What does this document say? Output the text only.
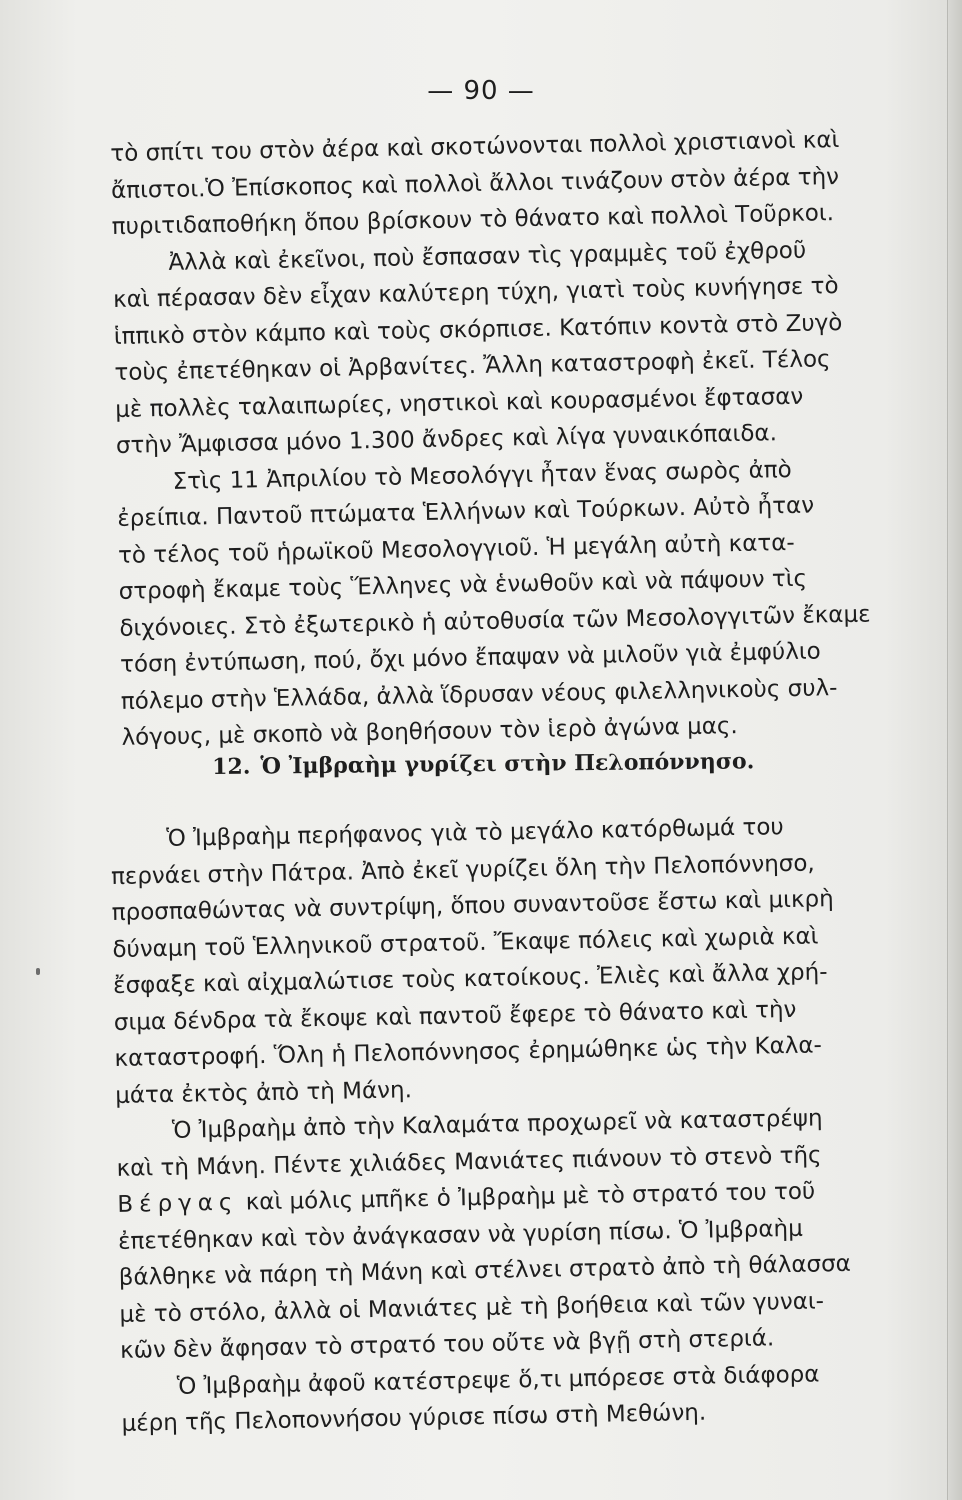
— 90 —
τὸ σπίτι του στὸν ἀέρα καὶ σκοτώνονται πολλοὶ χριστιανοὶ καὶ
ἄπιστοι.Ὁ Ἐπίσκοπος καὶ πολλοὶ ἄλλοι τινάζουν στὸν ἀέρα τὴν
πυριτιδαποθήκη ὅπου βρίσκουν τὸ θάνατο καὶ πολλοὶ Τοῦρκοι.
Ἀλλὰ καὶ ἐκεῖνοι, ποὺ ἔσπασαν τὶς γραμμὲς τοῦ ἐχθροῦ
καὶ πέρασαν δὲν εἶχαν καλύτερη τύχη, γιατὶ τοὺς κυνήγησε τὸ
ἱππικὸ στὸν κάμπο καὶ τοὺς σκόρπισε. Κατόπιν κοντὰ στὸ Ζυγὸ
τοὺς ἐπετέθηκαν οἱ Ἀρβανίτες. Ἄλλη καταστροφὴ ἐκεῖ. Τέλος
μὲ πολλὲς ταλαιπωρίες, νηστικοὶ καὶ κουρασμένοι ἔφτασαν
στὴν Ἄμφισσα μόνο 1.300 ἄνδρες καὶ λίγα γυναικόπαιδα.
Στὶς 11 Ἀπριλίου τὸ Μεσολόγγι ἦταν ἕνας σωρὸς ἀπὸ
ἐρείπια. Παντοῦ πτώματα Ἑλλήνων καὶ Τούρκων. Αὐτὸ ἦταν
τὸ τέλος τοῦ ἡρωϊκοῦ Μεσολογγιοῦ. Ἡ μεγάλη αὐτὴ κατα-
στροφὴ ἔκαμε τοὺς Ἕλληνες νὰ ἑνωθοῦν καὶ νὰ πάψουν τὶς
διχόνοιες. Στὸ ἐξωτερικὸ ἡ αὐτοθυσία τῶν Μεσολογγιτῶν ἔκαμε
τόση ἐντύπωση, πού, ὄχι μόνο ἔπαψαν νὰ μιλοῦν γιὰ ἐμφύλιο
πόλεμο στὴν Ἑλλάδα, ἀλλὰ ἵδρυσαν νέους φιλελληνικοὺς συλ-
λόγους, μὲ σκοπὸ νὰ βοηθήσουν τὸν ἱερὸ ἀγώνα μας.
12. Ὁ Ἰμβραὴμ γυρίζει στὴν Πελοπόννησο.
Ὁ Ἰμβραὴμ περήφανος γιὰ τὸ μεγάλο κατόρθωμά του
περνάει στὴν Πάτρα. Ἀπὸ ἐκεῖ γυρίζει ὅλη τὴν Πελοπόννησο,
προσπαθώντας νὰ συντρίψη, ὅπου συναντοῦσε ἔστω καὶ μικρὴ
δύναμη τοῦ Ἑλληνικοῦ στρατοῦ. Ἔκαψε πόλεις καὶ χωριὰ καὶ
ἔσφαξε καὶ αἰχμαλώτισε τοὺς κατοίκους. Ἐλιὲς καὶ ἄλλα χρή-
σιμα δένδρα τὰ ἔκοψε καὶ παντοῦ ἔφερε τὸ θάνατο καὶ τὴν
καταστροφή. Ὅλη ἡ Πελοπόννησος ἐρημώθηκε ὡς τὴν Καλα-
μάτα ἐκτὸς ἀπὸ τὴ Μάνη.
Ὁ Ἰμβραὴμ ἀπὸ τὴν Καλαμάτα προχωρεῖ νὰ καταστρέψη
καὶ τὴ Μάνη. Πέντε χιλιάδες Μανιάτες πιάνουν τὸ στενὸ τῆς
Βέργας καὶ μόλις μπῆκε ὁ Ἰμβραὴμ μὲ τὸ στρατό του τοῦ
ἐπετέθηκαν καὶ τὸν ἀνάγκασαν νὰ γυρίση πίσω. Ὁ Ἰμβραὴμ
βάλθηκε νὰ πάρη τὴ Μάνη καὶ στέλνει στρατὸ ἀπὸ τὴ θάλασσα
μὲ τὸ στόλο, ἀλλὰ οἱ Μανιάτες μὲ τὴ βοήθεια καὶ τῶν γυναι-
κῶν δὲν ἄφησαν τὸ στρατό του οὔτε νὰ βγῇ στὴ στεριά.
Ὁ Ἰμβραὴμ ἀφοῦ κατέστρεψε ὅ,τι μπόρεσε στὰ διάφορα
μέρη τῆς Πελοποννήσου γύρισε πίσω στὴ Μεθώνη.
